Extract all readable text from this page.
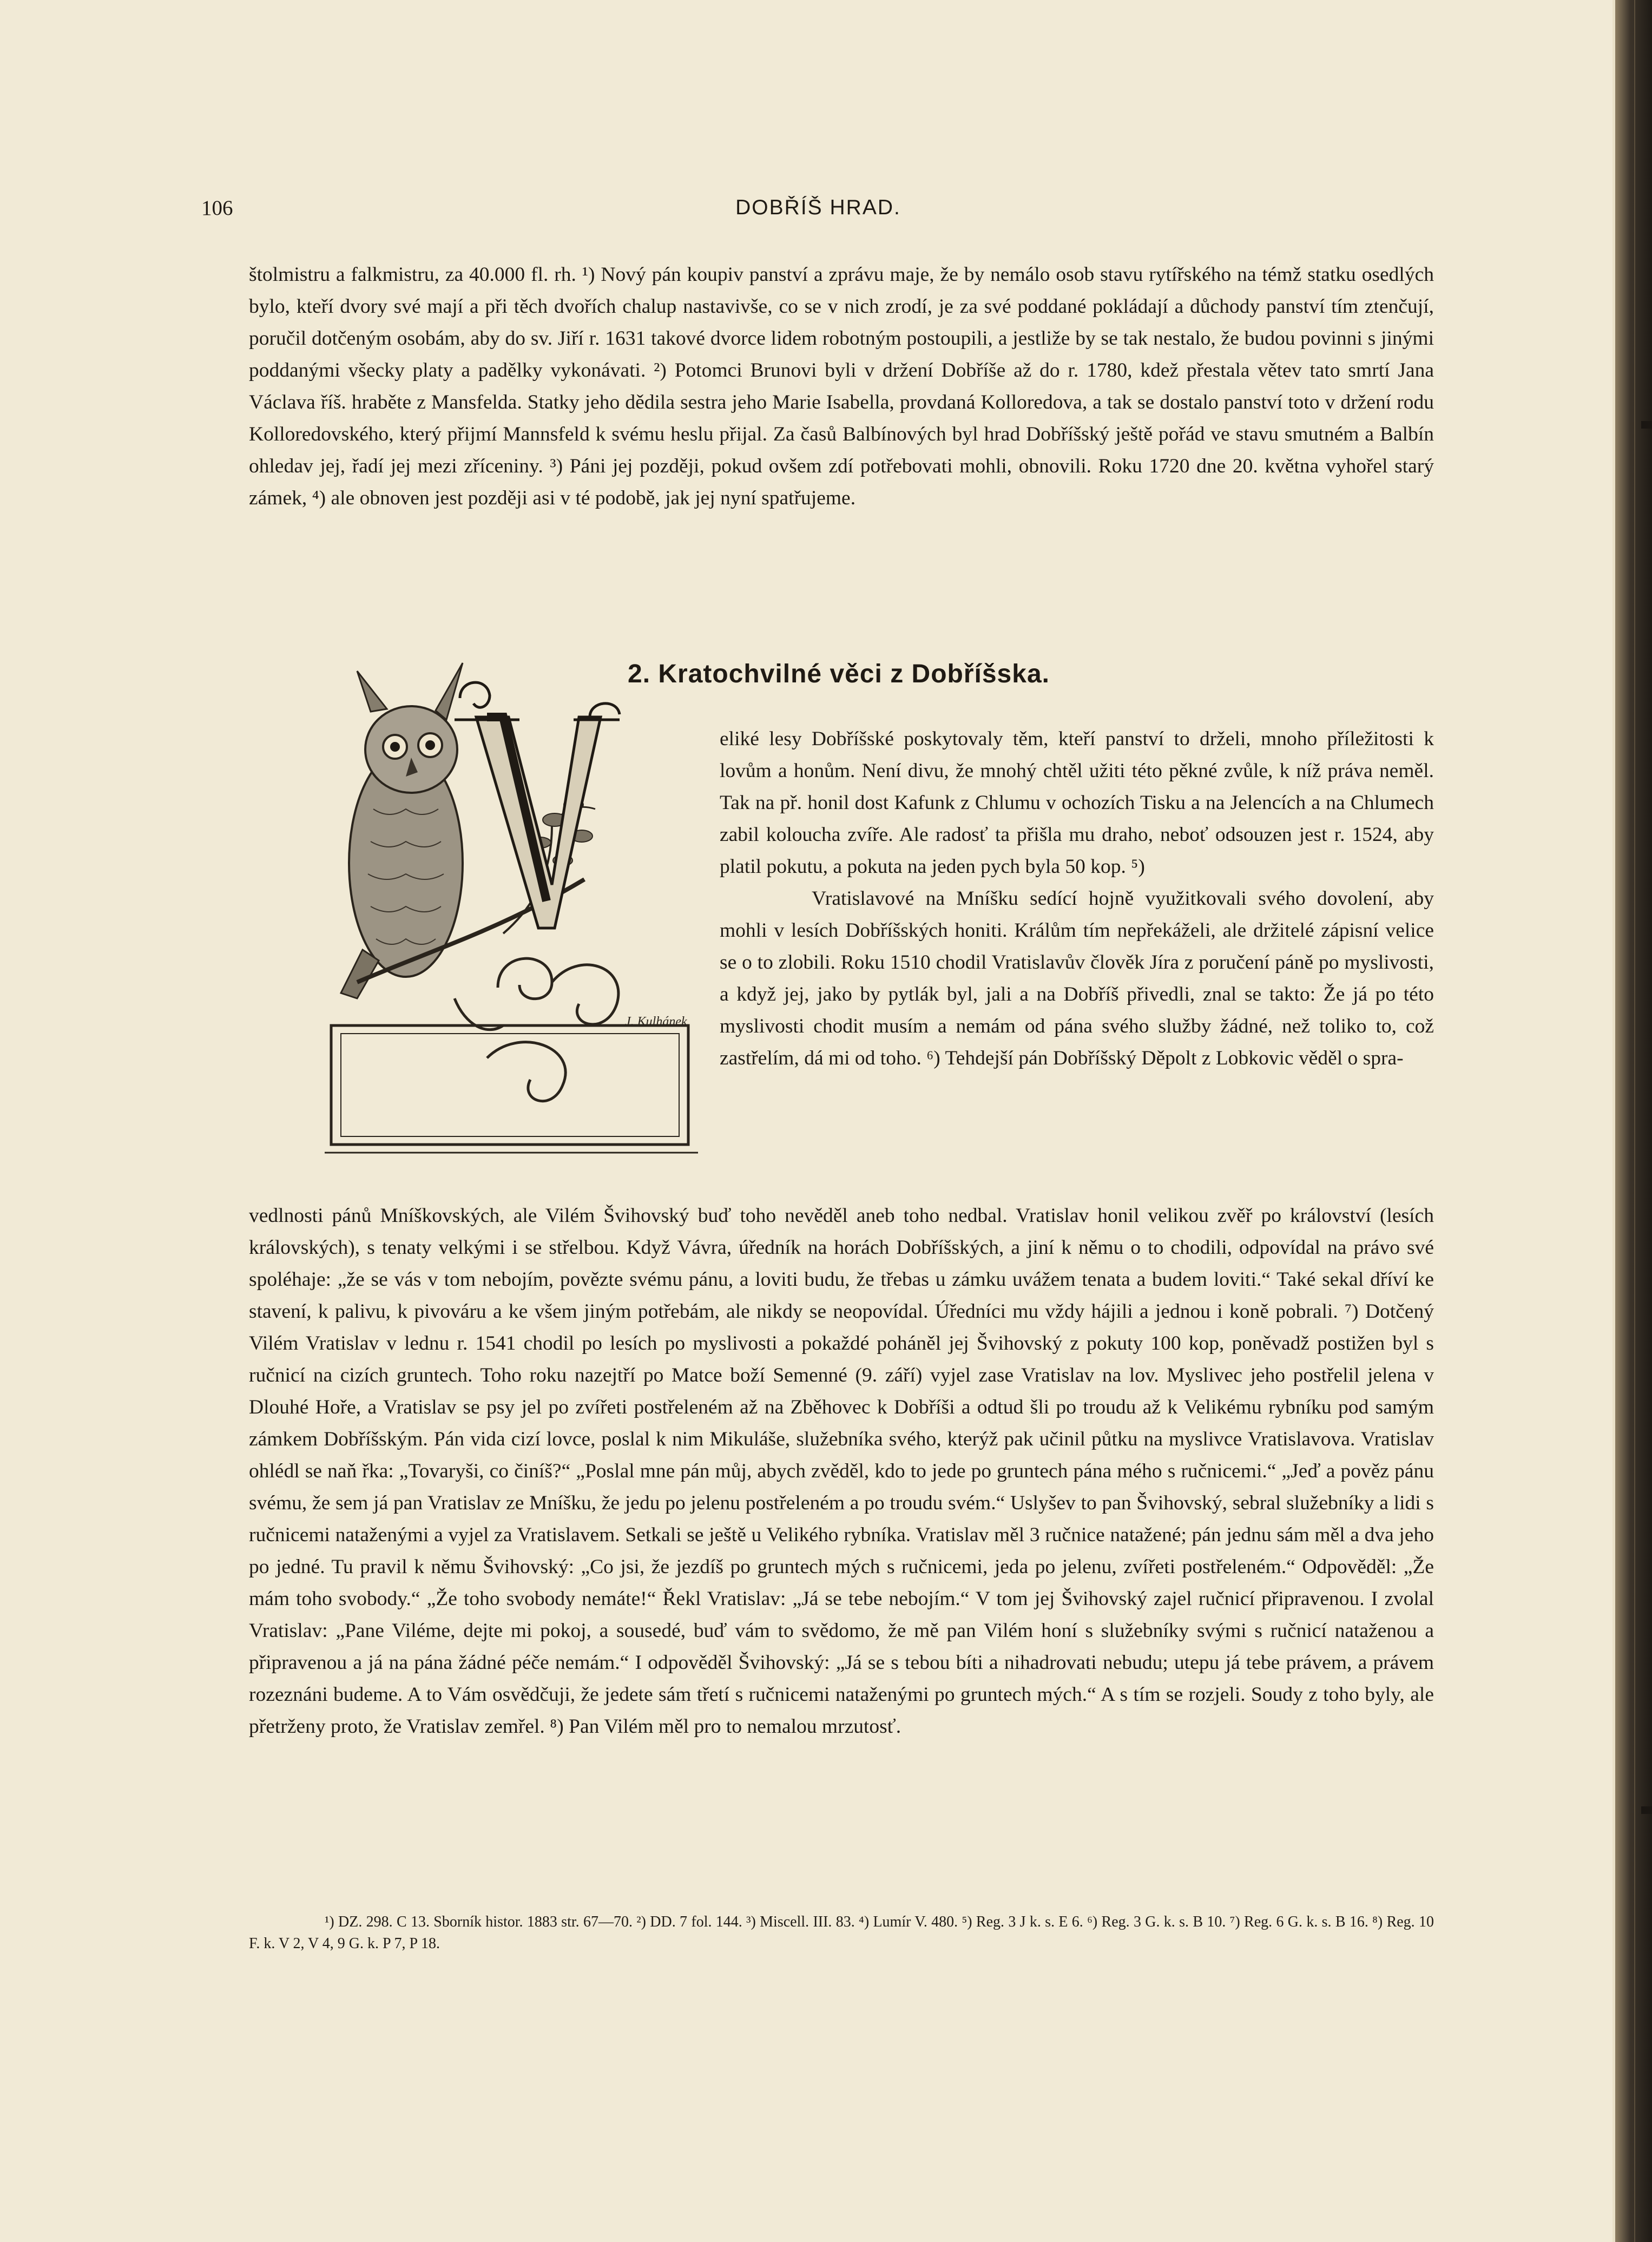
106	DOBŘÍŠ HRAD.

štolmistru a falkmistru, za 40.000 fl. rh. ¹) Nový pán koupiv panství a zprávu maje, že by nemálo osob stavu rytířského na témž statku osedlých bylo, kteří dvory své mají a při těch dvořích chalup nastavivše, co se v nich zrodí, je za své poddané pokládají a důchody panství tím ztenčují, poručil dotčeným osobám, aby do sv. Jiří r. 1631 takové dvorce lidem robotným postoupili, a jestliže by se tak nestalo, že budou povinni s jinými poddanými všecky platy a padělky vykonávati. ²) Potomci Brunovi byli v držení Dobříše až do r. 1780, kdež přestala větev tato smrtí Jana Václava říš. hraběte z Mansfelda. Statky jeho dědila sestra jeho Marie Isabella, provdaná Kolloredova, a tak se dostalo panství toto v držení rodu Kolloredovského, který přijmí Mannsfeld k svému heslu přijal. Za časů Balbínových byl hrad Dobříšský ještě pořád ve stavu smutném a Balbín ohledav jej, řadí jej mezi zříceniny. ³) Páni jej později, pokud ovšem zdí potřebovati mohli, obnovili. Roku 1720 dne 20. května vyhořel starý zámek, ⁴) ale obnoven jest později asi v té podobě, jak jej nyní spatřujeme.

2. Kratochvilné věci z Dobříšska.
J. Kulhánek

eliké lesy Dobříšské poskytovaly těm, kteří panství to drželi, mnoho příležitosti k lovům a honům. Není divu, že mnohý chtěl užiti této pěkné zvůle, k níž práva neměl. Tak na př. honil dost Kafunk z Chlumu v ochozích Tisku a na Jelencích a na Chlumech zabil koloucha zvíře. Ale radosť ta přišla mu draho, neboť odsouzen jest r. 1524, aby platil pokutu, a pokuta na jeden pych byla 50 kop. ⁵)

Vratislavové na Mníšku sedící hojně využitkovali svého dovolení, aby mohli v lesích Dobříšských honiti. Králům tím nepřekáželi, ale držitelé zápisní velice se o to zlobili. Roku 1510 chodil Vratislavův člověk Jíra z poručení páně po myslivosti, a když jej, jako by pytlák byl, jali a na Dobříš přivedli, znal se takto: Že já po této myslivosti chodit musím a nemám od pána svého služby žádné, než toliko to, což zastřelím, dá mi od toho. ⁶) Tehdejší pán Dobříšský Děpolt z Lobkovic věděl o spra-

vedlnosti pánů Mníškovských, ale Vilém Švihovský buď toho nevěděl aneb toho nedbal. Vratislav honil velikou zvěř po království (lesích královských), s tenaty velkými i se střelbou. Když Vávra, úředník na horách Dobříšských, a jiní k němu o to chodili, odpovídal na právo své spoléhaje: „že se vás v tom nebojím, povězte svému pánu, a loviti budu, že třebas u zámku uvážem tenata a budem loviti.“ Také sekal dříví ke stavení, k palivu, k pivováru a ke všem jiným potřebám, ale nikdy se neopovídal. Úředníci mu vždy hájili a jednou i koně pobrali. ⁷) Dotčený Vilém Vratislav v lednu r. 1541 chodil po lesích po myslivosti a pokaždé poháněl jej Švihovský z pokuty 100 kop, poněvadž postižen byl s ručnicí na cizích gruntech. Toho roku nazejtří po Matce boží Semenné (9. září) vyjel zase Vratislav na lov. Myslivec jeho postřelil jelena v Dlouhé Hoře, a Vratislav se psy jel po zvířeti postřeleném až na Zběhovec k Dobříši a odtud šli po troudu až k Velikému rybníku pod samým zámkem Dobříšským. Pán vida cizí lovce, poslal k nim Mikuláše, služebníka svého, kterýž pak učinil půtku na myslivce Vratislavova. Vratislav ohlédl se naň řka: „Tovaryši, co činíš?“ „Poslal mne pán můj, abych zvěděl, kdo to jede po gruntech pána mého s ručnicemi.“ „Jeď a pověz pánu svému, že sem já pan Vratislav ze Mníšku, že jedu po jelenu postřeleném a po troudu svém.“ Uslyšev to pan Švihovský, sebral služebníky a lidi s ručnicemi nataženými a vyjel za Vratislavem. Setkali se ještě u Velikého rybníka. Vratislav měl 3 ručnice natažené; pán jednu sám měl a dva jeho po jedné. Tu pravil k němu Švihovský: „Co jsi, že jezdíš po gruntech mých s ručnicemi, jeda po jelenu, zvířeti postřeleném.“ Odpověděl: „Že mám toho svobody.“ „Že toho svobody nemáte!“ Řekl Vratislav: „Já se tebe nebojím.“ V tom jej Švihovský zajel ručnicí připravenou. I zvolal Vratislav: „Pane Viléme, dejte mi pokoj, a sousedé, buď vám to svědomo, že mě pan Vilém honí s služebníky svými s ručnicí nataženou a připravenou a já na pána žádné péče nemám.“ I odpověděl Švihovský: „Já se s tebou bíti a nihadrovati nebudu; utepu já tebe právem, a právem rozeznáni budeme. A to Vám osvědčuji, že jedete sám třetí s ručnicemi nataženými po gruntech mých.“ A s tím se rozjeli. Soudy z toho byly, ale přetrženy proto, že Vratislav zemřel. ⁸) Pan Vilém měl pro to nemalou mrzutosť.

¹) DZ. 298. C 13. Sborník histor. 1883 str. 67—70. ²) DD. 7 fol. 144. ³) Miscell. III. 83. ⁴) Lumír V. 480. ⁵) Reg. 3 J k. s. E 6. ⁶) Reg. 3 G. k. s. B 10. ⁷) Reg. 6 G. k. s. B 16. ⁸) Reg. 10 F. k. V 2, V 4, 9 G. k. P 7, P 18.
